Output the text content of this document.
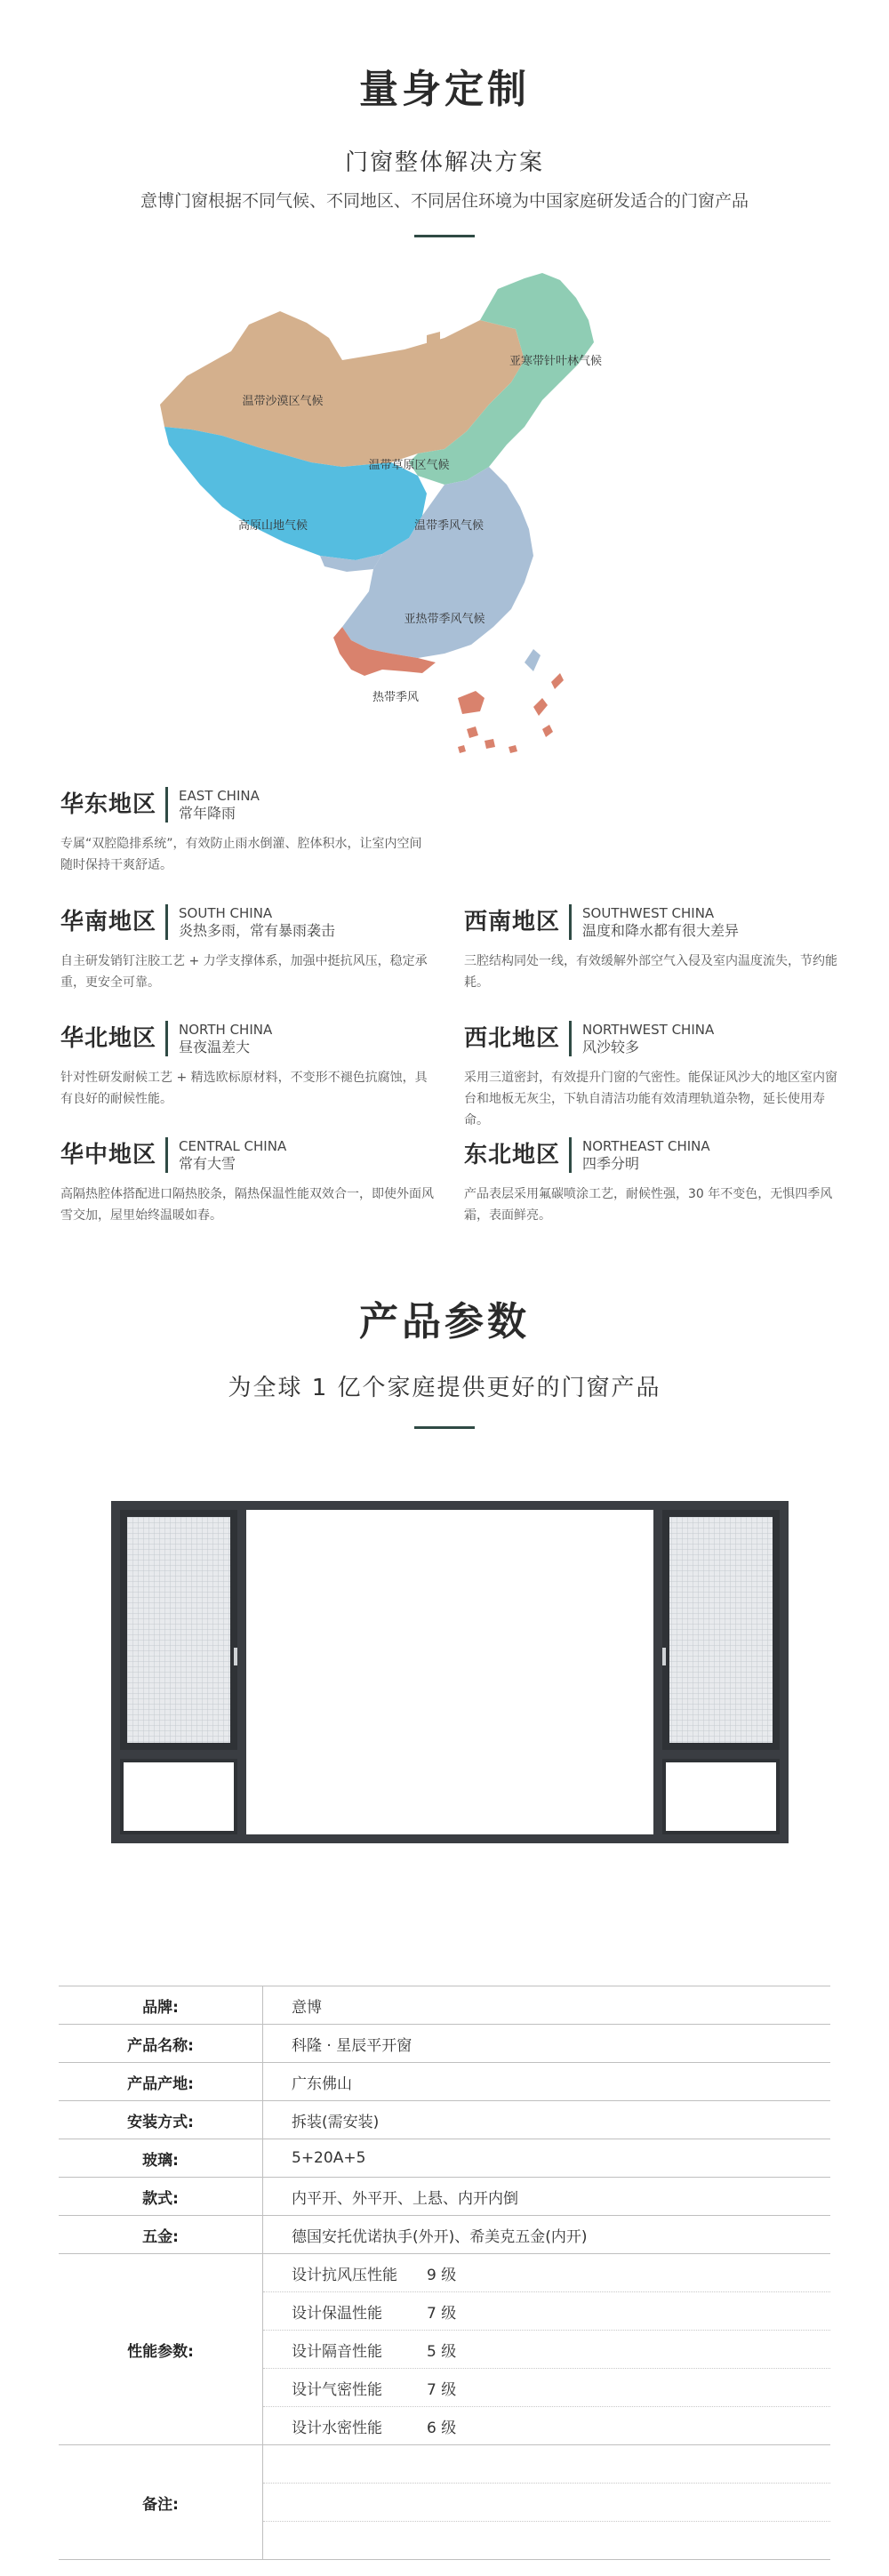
量身定制
门窗整体解决方案
意博门窗根据不同气候、不同地区、不同居住环境为中国家庭研发适合的门窗产品
温带沙漠区气候
温带草原区气候
高原山地气候	温带季风气候
亚寒带针叶林气候
亚热带季风气候
热带季风
华东地区 EAST CHINA
常年降雨
专属“双腔隐排系统”，有效防止雨水倒灌、腔体积水，让室内空间随时保持干爽舒适。
华南地区 SOUTH CHINA
炎热多雨，常有暴雨袭击
自主研发销钉注胶工艺 + 力学支撑体系，加强中挺抗风压，稳定承重，更安全可靠。
西南地区 SOUTHWEST CHINA
温度和降水都有很大差异
三腔结构同处一线，有效缓解外部空气入侵及室内温度流失，节约能耗。
华北地区 NORTH CHINA
昼夜温差大
针对性研发耐候工艺 + 精选欧标原材料，不变形不褪色抗腐蚀，具有良好的耐候性能。
西北地区 NORTHWEST CHINA
风沙较多
采用三道密封，有效提升门窗的气密性。能保证风沙大的地区室内窗台和地板无灰尘，下轨自清洁功能有效清理轨道杂物，延长使用寿命。
华中地区 CENTRAL CHINA
常有大雪
高隔热腔体搭配进口隔热胶条，隔热保温性能双效合一，即使外面风雪交加，屋里始终温暖如春。
东北地区 NORTHEAST CHINA
四季分明
产品表层采用氟碳喷涂工艺，耐候性强，30 年不变色，无惧四季风霜，表面鲜亮。
产品参数
为全球 1 亿个家庭提供更好的门窗产品
品牌:	意博
产品名称:	科隆 · 星辰平开窗
产品产地:	广东佛山
安装方式:	拆装(需安装)
玻璃:	5+20A+5
款式:	内平开、外平开、上悬、内开内倒
五金:	德国安托优诺执手(外开)、希美克五金(内开)
性能参数:	设计抗风压性能 9 级
	设计保温性能 7 级
	设计隔音性能 5 级
	设计气密性能 7 级
	设计水密性能 6 级
备注:	
